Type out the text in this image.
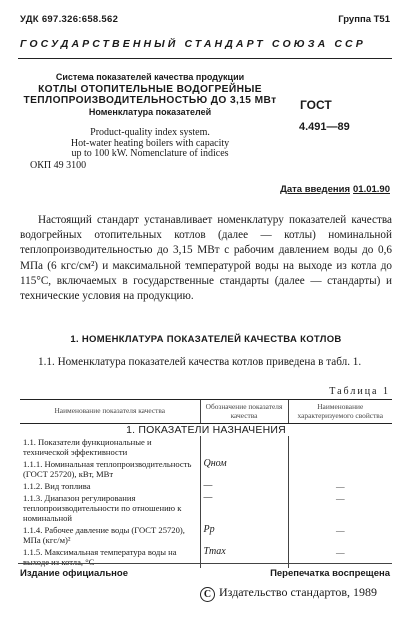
УДК 697.326:658.562	Группа Т51
ГОСУДАРСТВЕННЫЙ СТАНДАРТ СОЮЗА ССР
Система показателей качества продукции
КОТЛЫ ОТОПИТЕЛЬНЫЕ ВОДОГРЕЙНЫЕ
ТЕПЛОПРОИЗВОДИТЕЛЬНОСТЬЮ ДО 3,15 МВт
Номенклатура показателей
Product-quality index system.
Hot-water heating boilers with capacity
up to 100 kW. Nomenclature of indices
ОКП 49 3100
ГОСТ
4.491—89
Дата введения 01.01.90
Настоящий стандарт устанавливает номенклатуру показателей качества водогрейных отопительных котлов (далее — котлы) номинальной теплопроизводительностью до 3,15 МВт с рабочим давлением воды до 0,6 МПа (6 кгс/см²) и максимальной температурой воды на выходе из котла до 115°С, включаемых в государственные стандарты (далее — стандарты) и технические условия на продукцию.
1. НОМЕНКЛАТУРА ПОКАЗАТЕЛЕЙ КАЧЕСТВА КОТЛОВ
1.1. Номенклатура показателей качества котлов приведена в табл. 1.
Таблица 1
Наименование показателя качества	Обозначение показателя качества	Наименование характеризуемого свойства
1. ПОКАЗАТЕЛИ НАЗНАЧЕНИЯ		
1.1. Показатели функциональные и технической эффективности		
1.1.1. Номинальная теплопроизводительность (ГОСТ 25720), кВт, МВт	Qном	
1.1.2. Вид топлива	—	—
1.1.3. Диапазон регулирования теплопроизводительности по отношению к номинальной	—	—
1.1.4. Рабочее давление воды (ГОСТ 25720), МПа (кгс/м)²	Pр	—
1.1.5. Максимальная температура воды на выходе из котла, °С	Tmax	—
Издание официальное	Перепечатка воспрещена
С Издательство стандартов, 1989
